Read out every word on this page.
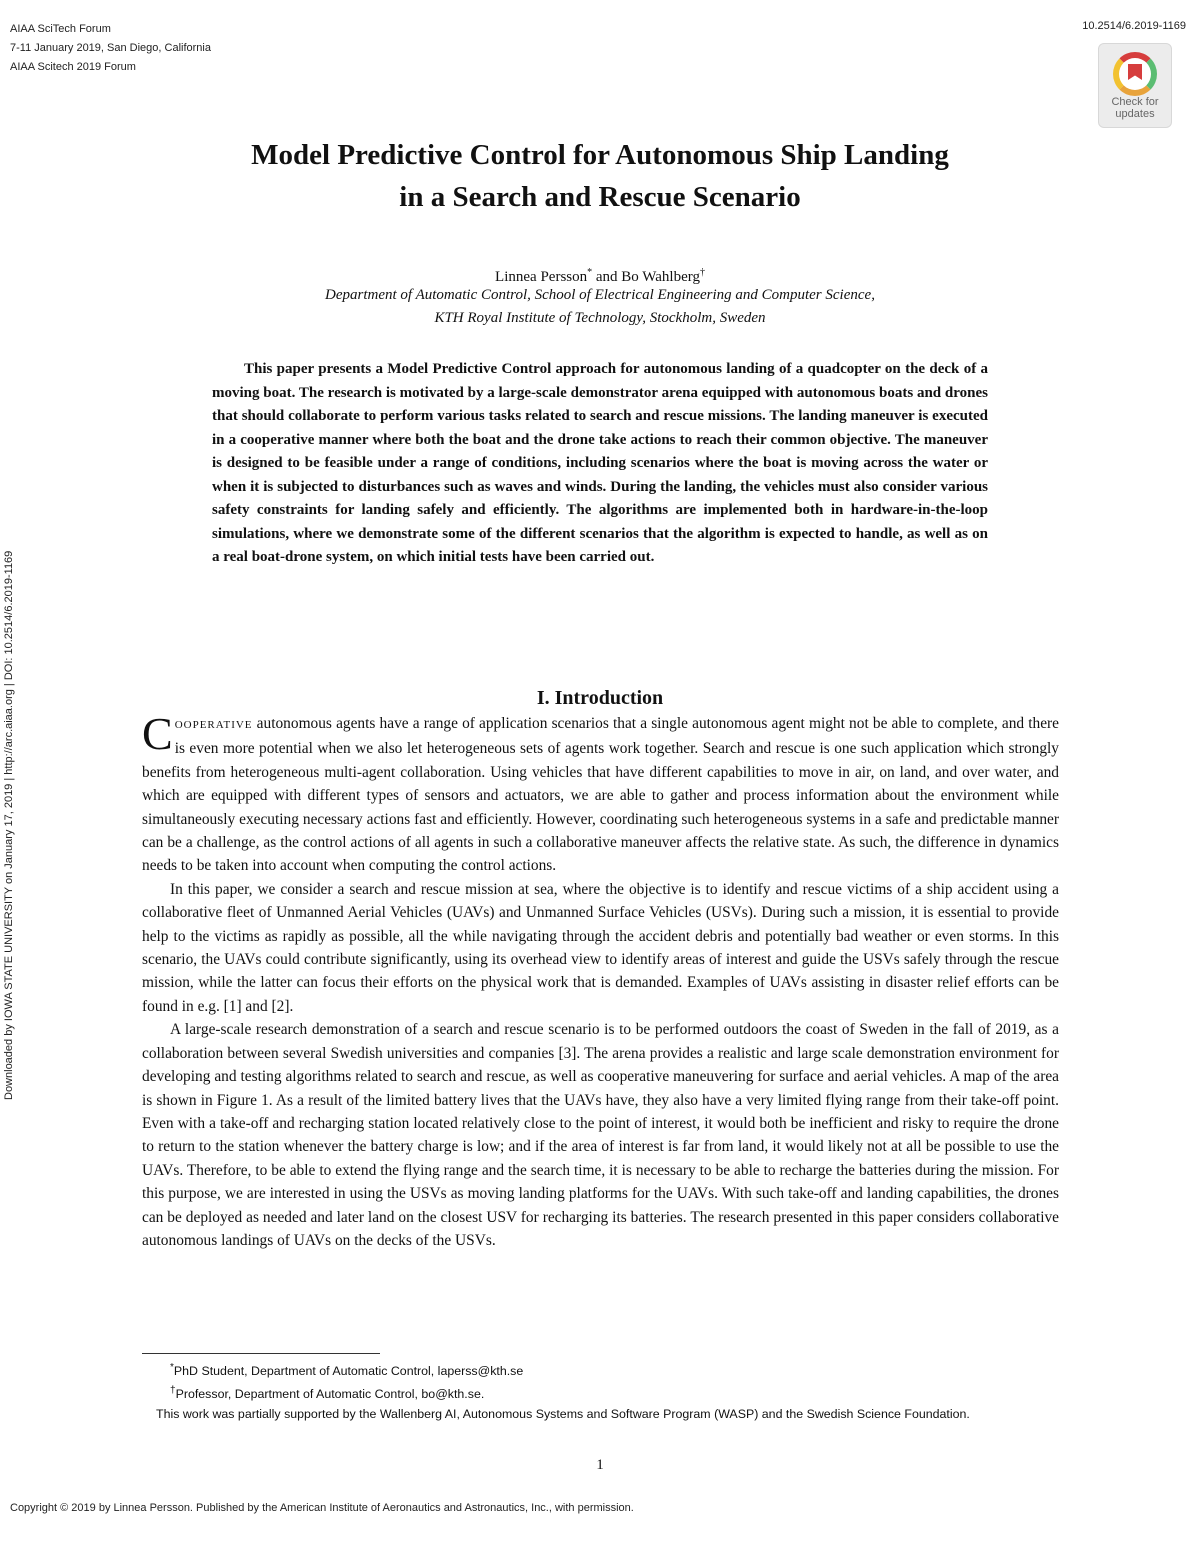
AIAA SciTech Forum
7-11 January 2019, San Diego, California
AIAA Scitech 2019 Forum
10.2514/6.2019-1169
Check for
updates
Downloaded by IOWA STATE UNIVERSITY on January 17, 2019 | http://arc.aiaa.org | DOI: 10.2514/6.2019-1169
Model Predictive Control for Autonomous Ship Landing
in a Search and Rescue Scenario
Linnea Persson* and Bo Wahlberg†
Department of Automatic Control, School of Electrical Engineering and Computer Science,
KTH Royal Institute of Technology, Stockholm, Sweden

This paper presents a Model Predictive Control approach for autonomous landing of a quadcopter on the deck of a moving boat. The research is motivated by a large-scale demonstrator arena equipped with autonomous boats and drones that should collaborate to perform various tasks related to search and rescue missions. The landing maneuver is executed in a cooperative manner where both the boat and the drone take actions to reach their common objective. The maneuver is designed to be feasible under a range of conditions, including scenarios where the boat is moving across the water or when it is subjected to disturbances such as waves and winds. During the landing, the vehicles must also consider various safety constraints for landing safely and efficiently. The algorithms are implemented both in hardware-in-the-loop simulations, where we demonstrate some of the different scenarios that the algorithm is expected to handle, as well as on a real boat-drone system, on which initial tests have been carried out.

I. Introduction

COOPERATIVE autonomous agents have a range of application scenarios that a single autonomous agent might not be able to complete, and there is even more potential when we also let heterogeneous sets of agents work together. Search and rescue is one such application which strongly benefits from heterogeneous multi-agent collaboration. Using vehicles that have different capabilities to move in air, on land, and over water, and which are equipped with different types of sensors and actuators, we are able to gather and process information about the environment while simultaneously executing necessary actions fast and efficiently. However, coordinating such heterogeneous systems in a safe and predictable manner can be a challenge, as the control actions of all agents in such a collaborative maneuver affects the relative state. As such, the difference in dynamics needs to be taken into account when computing the control actions.

In this paper, we consider a search and rescue mission at sea, where the objective is to identify and rescue victims of a ship accident using a collaborative fleet of Unmanned Aerial Vehicles (UAVs) and Unmanned Surface Vehicles (USVs). During such a mission, it is essential to provide help to the victims as rapidly as possible, all the while navigating through the accident debris and potentially bad weather or even storms. In this scenario, the UAVs could contribute significantly, using its overhead view to identify areas of interest and guide the USVs safely through the rescue mission, while the latter can focus their efforts on the physical work that is demanded. Examples of UAVs assisting in disaster relief efforts can be found in e.g. [1] and [2].

A large-scale research demonstration of a search and rescue scenario is to be performed outdoors the coast of Sweden in the fall of 2019, as a collaboration between several Swedish universities and companies [3]. The arena provides a realistic and large scale demonstration environment for developing and testing algorithms related to search and rescue, as well as cooperative maneuvering for surface and aerial vehicles. A map of the area is shown in Figure 1. As a result of the limited battery lives that the UAVs have, they also have a very limited flying range from their take-off point. Even with a take-off and recharging station located relatively close to the point of interest, it would both be inefficient and risky to require the drone to return to the station whenever the battery charge is low; and if the area of interest is far from land, it would likely not at all be possible to use the UAVs. Therefore, to be able to extend the flying range and the search time, it is necessary to be able to recharge the batteries during the mission. For this purpose, we are interested in using the USVs as moving landing platforms for the UAVs. With such take-off and landing capabilities, the drones can be deployed as needed and later land on the closest USV for recharging its batteries. The research presented in this paper considers collaborative autonomous landings of UAVs on the decks of the USVs.

*PhD Student, Department of Automatic Control, laperss@kth.se
†Professor, Department of Automatic Control, bo@kth.se.
This work was partially supported by the Wallenberg AI, Autonomous Systems and Software Program (WASP) and the Swedish Science Foundation.
1
Copyright © 2019 by Linnea Persson. Published by the American Institute of Aeronautics and Astronautics, Inc., with permission.
